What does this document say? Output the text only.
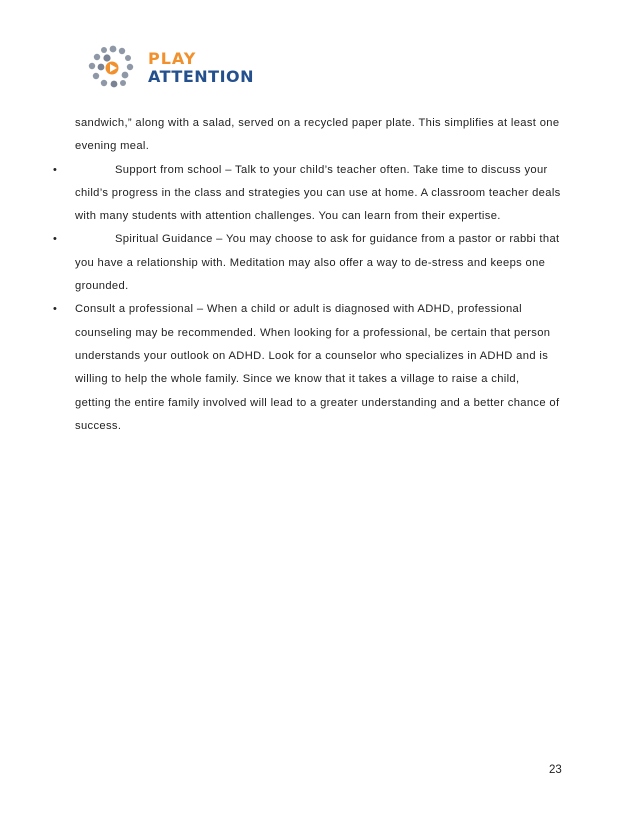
PLAY
ATTENTION
sandwich,” along with a salad, served on a recycled paper plate. This simplifies at least one
evening meal.
•	Support from school – Talk to your child’s teacher often. Take time to discuss your
child’s progress in the class and strategies you can use at home. A classroom teacher deals
with many students with attention challenges. You can learn from their expertise.
•	Spiritual Guidance – You may choose to ask for guidance from a pastor or rabbi that
you have a relationship with. Meditation may also offer a way to de-stress and keeps one
grounded.
• Consult a professional – When a child or adult is diagnosed with ADHD, professional
counseling may be recommended. When looking for a professional, be certain that person
understands your outlook on ADHD. Look for a counselor who specializes in ADHD and is
willing to help the whole family. Since we know that it takes a village to raise a child,
getting the entire family involved will lead to a greater understanding and a better chance of
success.
23
